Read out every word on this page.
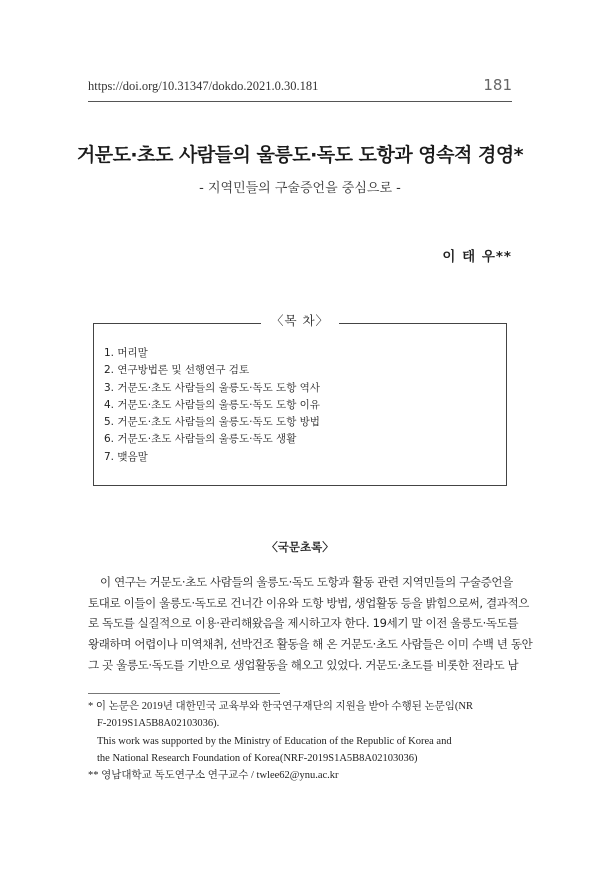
https://doi.org/10.31347/dokdo.2021.0.30.181	181
거문도·초도 사람들의 울릉도·독도 도항과 영속적 경영*
- 지역민들의 구술증언을 중심으로 -
이 태 우**
〈목 차〉
1. 머리말
2. 연구방법론 및 선행연구 검토
3. 거문도·초도 사람들의 울릉도·독도 도항 역사
4. 거문도·초도 사람들의 울릉도·독도 도항 이유
5. 거문도·초도 사람들의 울릉도·독도 도항 방법
6. 거문도·초도 사람들의 울릉도·독도 생활
7. 맺음말
〈국문초록〉

이 연구는 거문도·초도 사람들의 울릉도·독도 도항과 활동 관련 지역민들의 구술증언을
토대로 이들이 울릉도·독도로 건너간 이유와 도항 방법, 생업활동 등을 밝힘으로써, 결과적으
로 독도를 실질적으로 이용·관리해왔음을 제시하고자 한다. 19세기 말 이전 울릉도·독도를
왕래하며 어렵이나 미역채취, 선박건조 활동을 해 온 거문도·초도 사람들은 이미 수백 년 동안
그 곳 울릉도·독도를 기반으로 생업활동을 해오고 있었다. 거문도·초도를 비롯한 전라도 남

* 이 논문은 2019년 대한민국 교육부와 한국연구재단의 지원을 받아 수행된 논문임(NR
F-2019S1A5B8A02103036).
This work was supported by the Ministry of Education of the Republic of Korea and
the National Research Foundation of Korea(NRF-2019S1A5B8A02103036)
** 영남대학교 독도연구소 연구교수 / twlee62@ynu.ac.kr
